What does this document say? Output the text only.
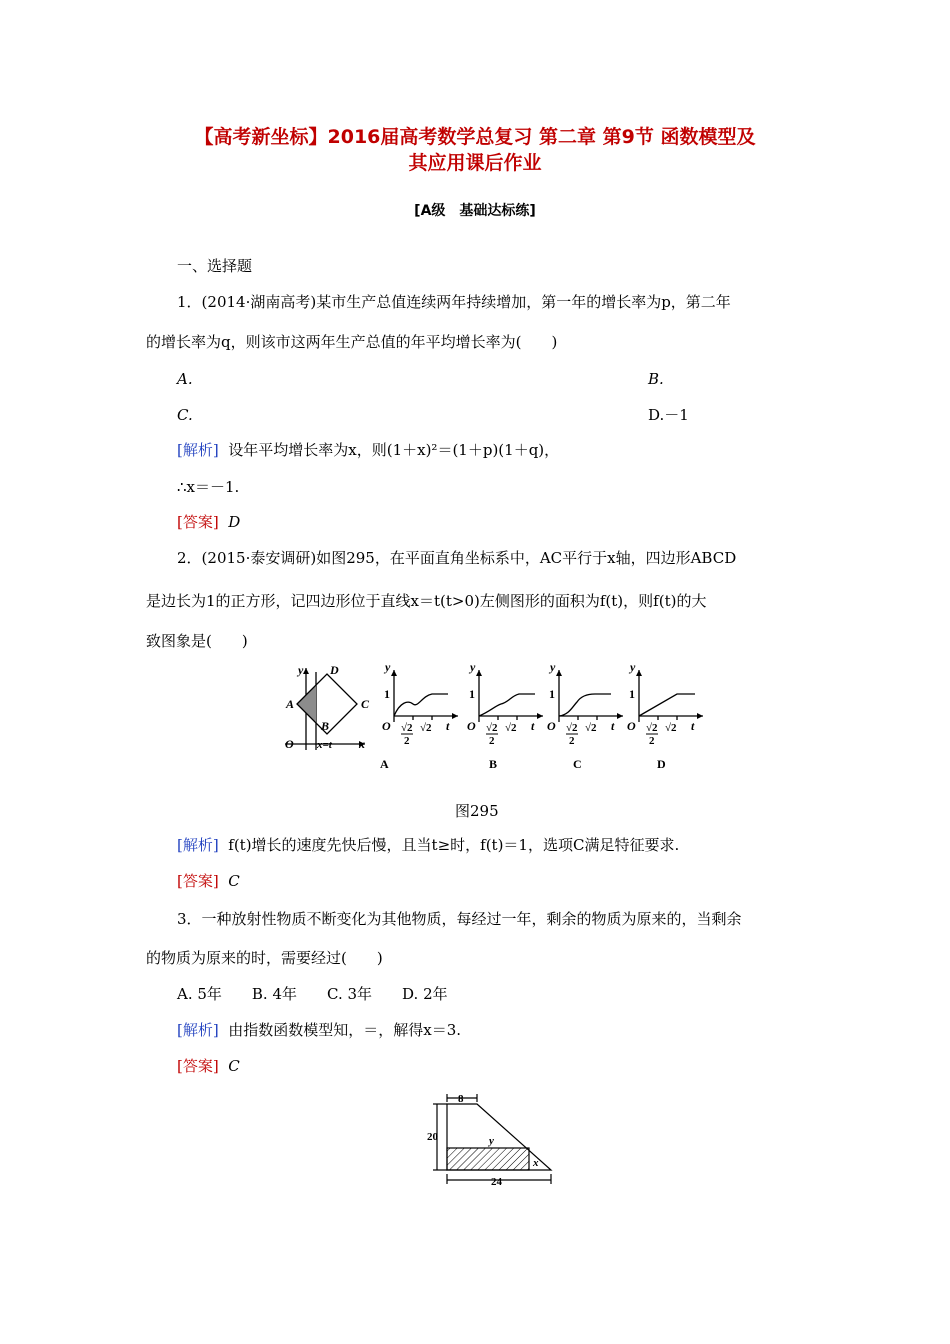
【高考新坐标】2016届高考数学总复习 第二章 第9节 函数模型及
其应用课后作业
[A级　基础达标练]
一、选择题
1．(2014·湖南高考)某市生产总值连续两年持续增加，第一年的增长率为p，第二年
的增长率为q，则该市这两年生产总值的年平均增长率为(　　)
A.	B.
C.	D.－1
[解析] 设年平均增长率为x，则(1＋x)²＝(1＋p)(1＋q)，
∴x＝－1.
[答案] D
2．(2015·泰安调研)如图295，在平面直角坐标系中，AC平行于x轴，四边形ABCD
是边长为1的正方形，记四边形位于直线x＝t(t>0)左侧图形的面积为f(t)，则f(t)的大
致图象是(　　)
y D
A	C
B
O	x
x=t
y
1
O √2
2
√2 t
A
y
1
O √2
2
√2 t
B
y
1
O √2
2
√2 t
C
y
1
O √2
2
√2 t
D
图295
[解析] f(t)增长的速度先快后慢，且当t≥时，f(t)＝1，选项C满足特征要求.
[答案] C
3．一种放射性物质不断变化为其他物质，每经过一年，剩余的物质为原来的，当剩余
的物质为原来的时，需要经过(　　)
A. 5年　　B. 4年　　C. 3年　　D. 2年
[解析] 由指数函数模型知，＝，解得x＝3.
[答案] C
8
20
24
y
x
